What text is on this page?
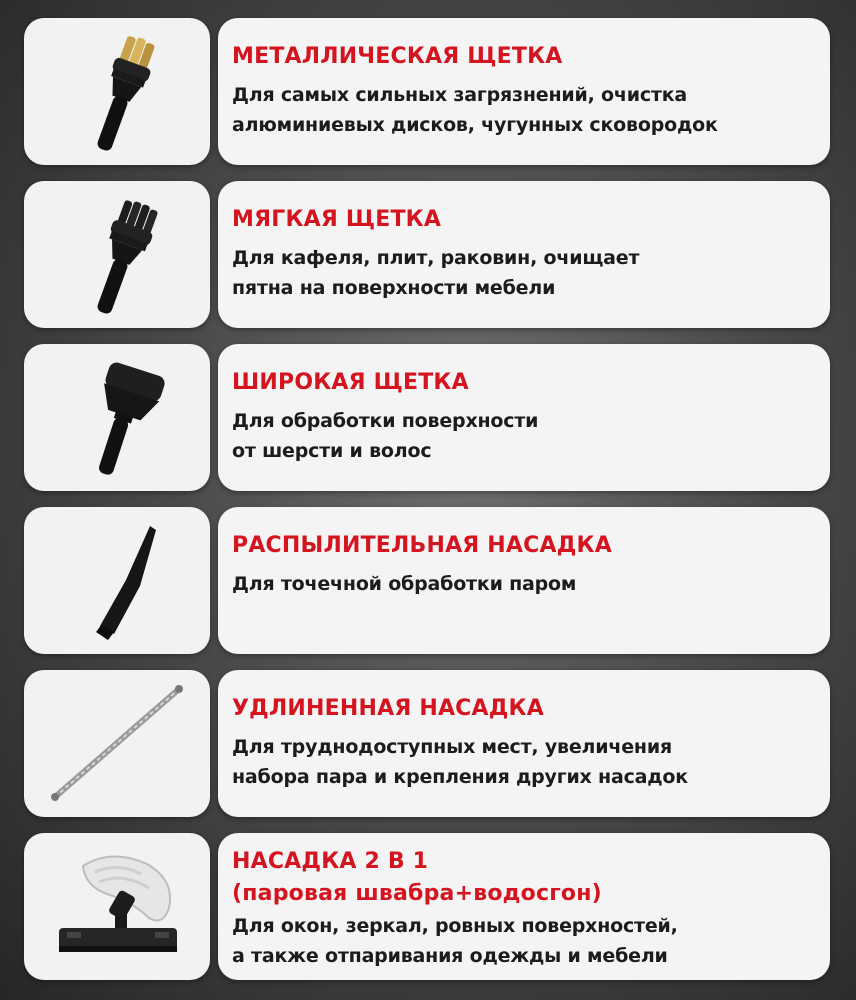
МЕТАЛЛИЧЕСКАЯ ЩЕТКА
Для самых сильных загрязнений, очистка
алюминиевых дисков, чугунных сковородок
МЯГКАЯ ЩЕТКА
Для кафеля, плит, раковин, очищает
пятна на поверхности мебели
ШИРОКАЯ ЩЕТКА
Для обработки поверхности
от шерсти и волос
РАСПЫЛИТЕЛЬНАЯ НАСАДКА
Для точечной обработки паром
УДЛИНЕННАЯ НАСАДКА
Для труднодоступных мест, увеличения
набора пара и крепления других насадок
НАСАДКА 2 В 1
(паровая швабра+водосгон)
Для окон, зеркал, ровных поверхностей,
а также отпаривания одежды и мебели
